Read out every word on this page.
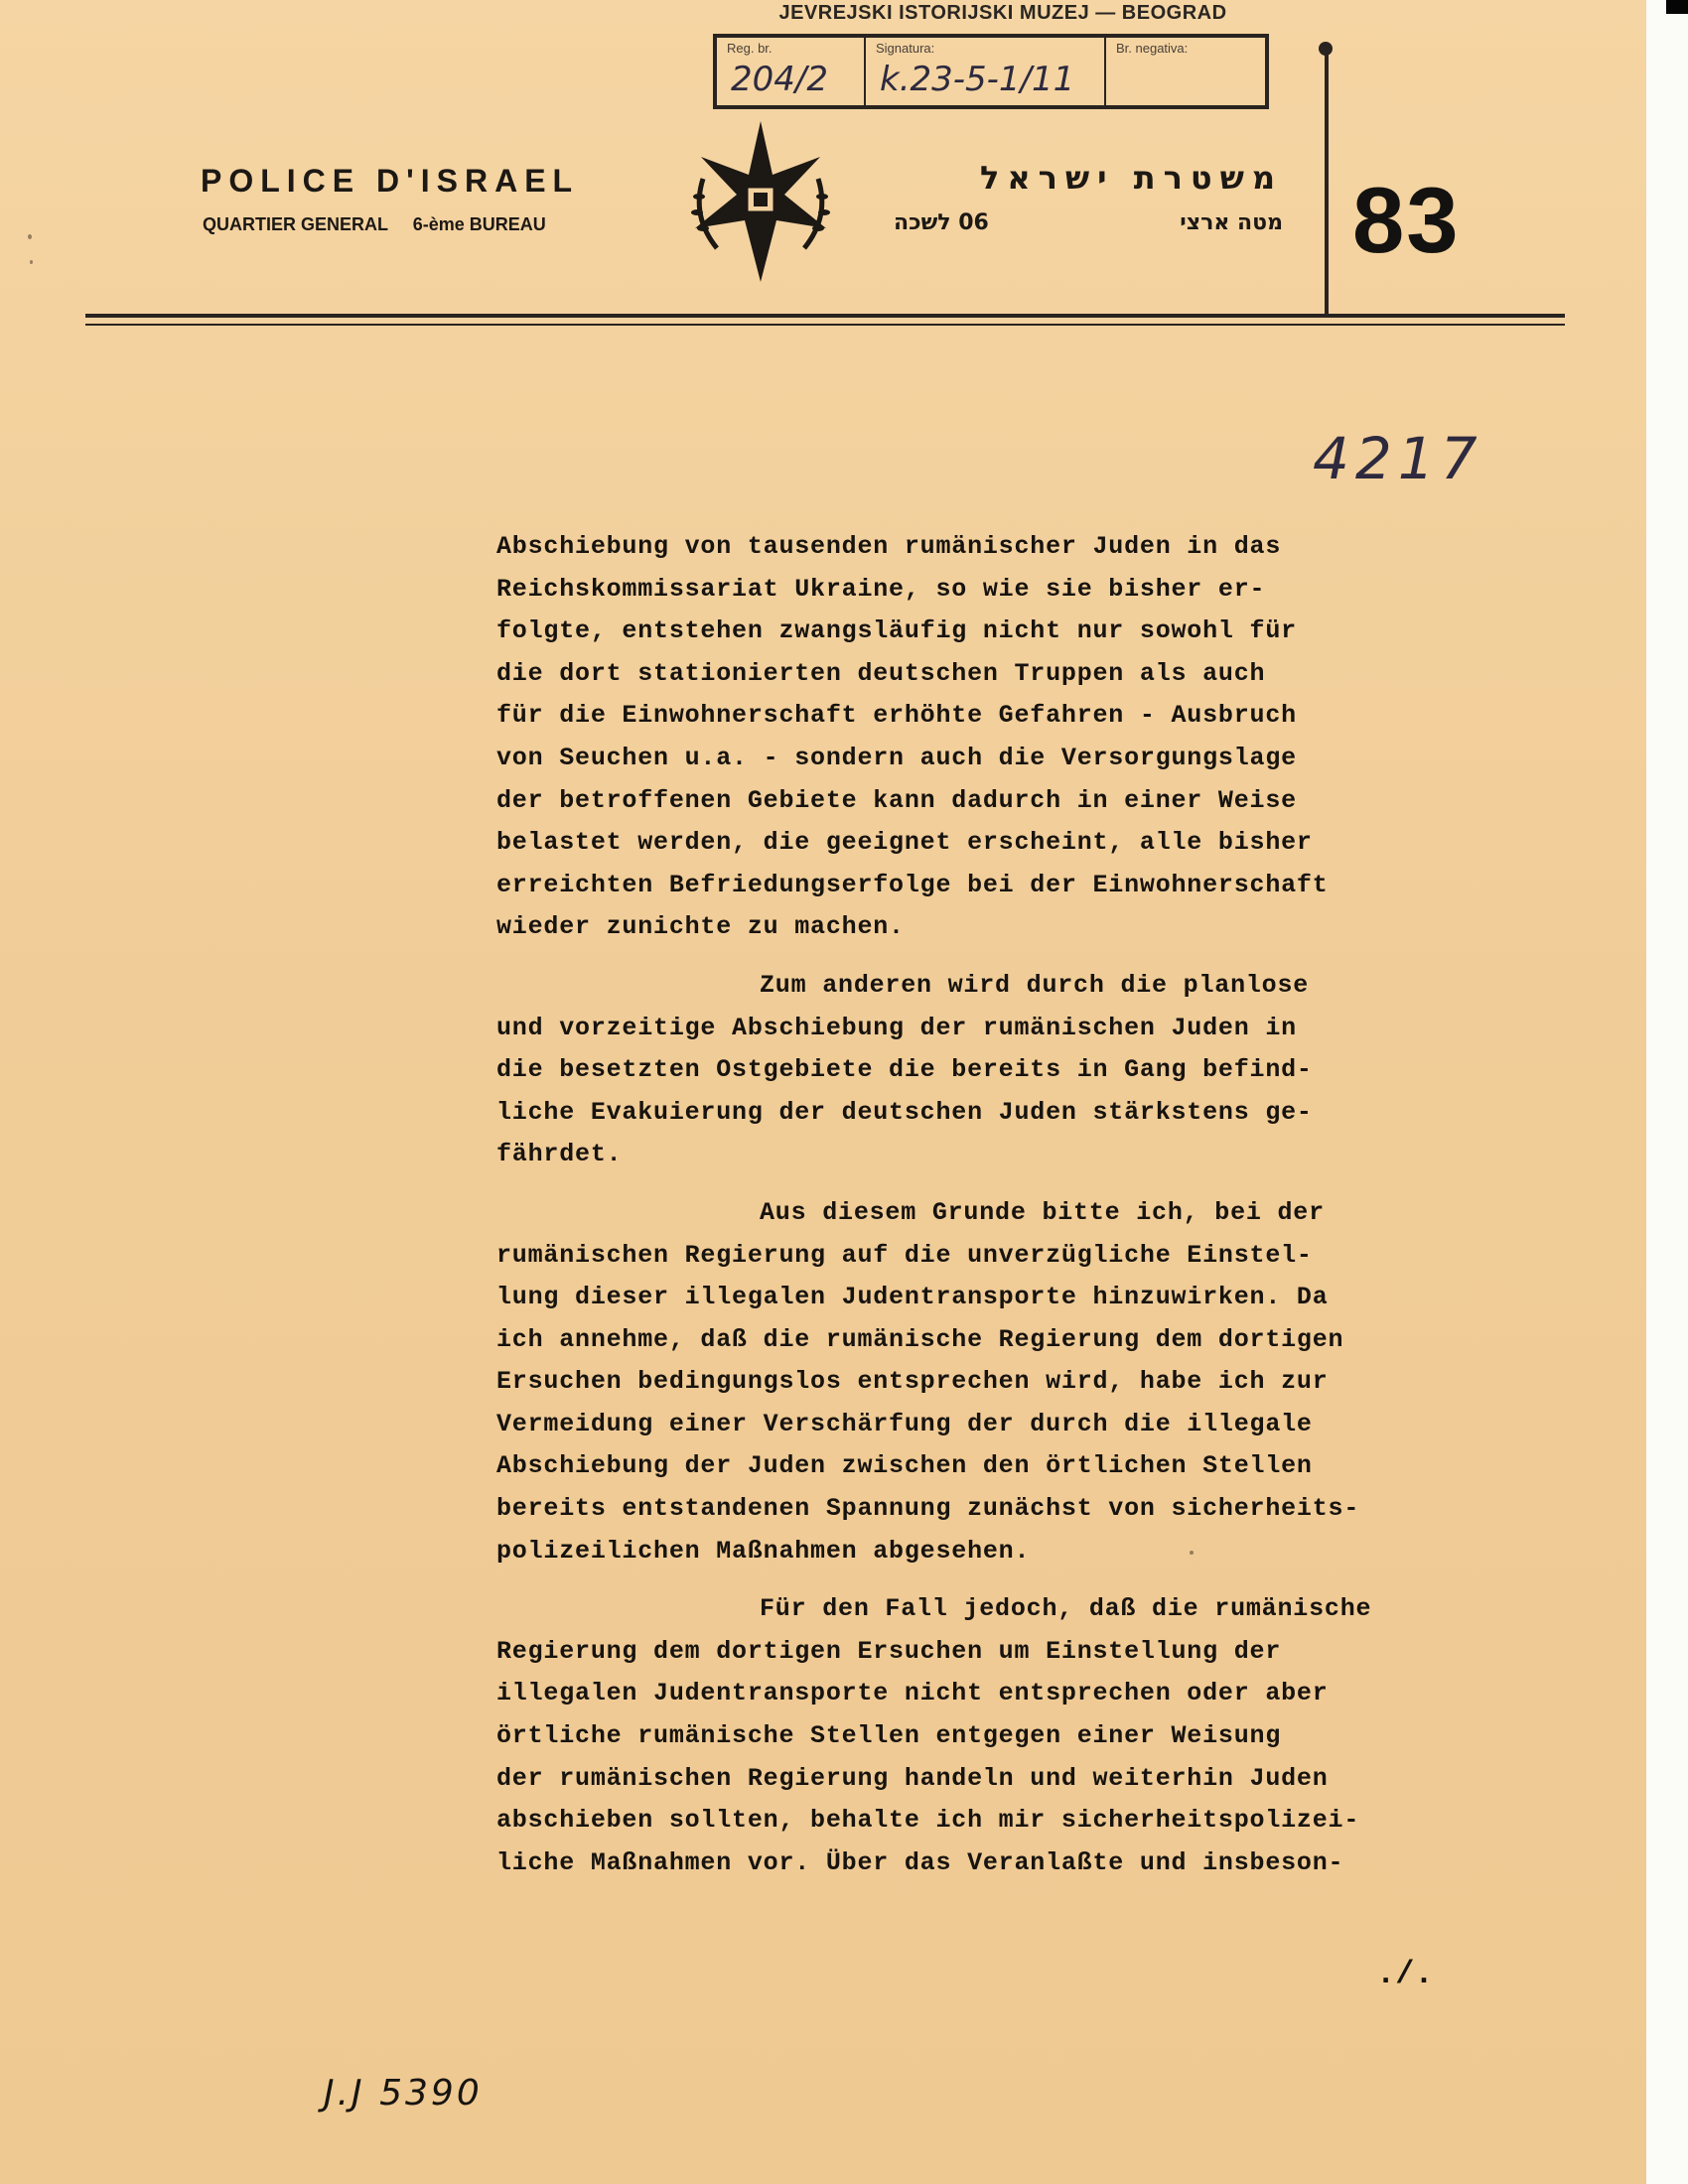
JEVREJSKI ISTORIJSKI MUZEJ — BEOGRAD
Reg. br.
204/2
Signatura:
k.23-5-1/11
Br. negativa:
POLICE D'ISRAEL
QUARTIER GENERAL 6-ème BUREAU
משטרת ישראל
06 לשכה	מטה ארצי 83
4217
Abschiebung von tausenden rumänischer Juden in das
Reichskommissariat Ukraine, so wie sie bisher er-
folgte, entstehen zwangsläufig nicht nur sowohl für
die dort stationierten deutschen Truppen als auch
für die Einwohnerschaft erhöhte Gefahren - Ausbruch
von Seuchen u.a. - sondern auch die Versorgungslage
der betroffenen Gebiete kann dadurch in einer Weise
belastet werden, die geeignet erscheint, alle bisher
erreichten Befriedungserfolge bei der Einwohnerschaft
wieder zunichte zu machen.
Zum anderen wird durch die planlose
und vorzeitige Abschiebung der rumänischen Juden in
die besetzten Ostgebiete die bereits in Gang befind-
liche Evakuierung der deutschen Juden stärkstens ge-
fährdet.
Aus diesem Grunde bitte ich, bei der
rumänischen Regierung auf die unverzügliche Einstel-
lung dieser illegalen Judentransporte hinzuwirken. Da
ich annehme, daß die rumänische Regierung dem dortigen
Ersuchen bedingungslos entsprechen wird, habe ich zur
Vermeidung einer Verschärfung der durch die illegale
Abschiebung der Juden zwischen den örtlichen Stellen
bereits entstandenen Spannung zunächst von sicherheits-
polizeilichen Maßnahmen abgesehen.
Für den Fall jedoch, daß die rumänische
Regierung dem dortigen Ersuchen um Einstellung der
illegalen Judentransporte nicht entsprechen oder aber
örtliche rumänische Stellen entgegen einer Weisung
der rumänischen Regierung handeln und weiterhin Juden
abschieben sollten, behalte ich mir sicherheitspolizei-
liche Maßnahmen vor. Über das Veranlaßte und insbeson-
./.
J.J 5390
